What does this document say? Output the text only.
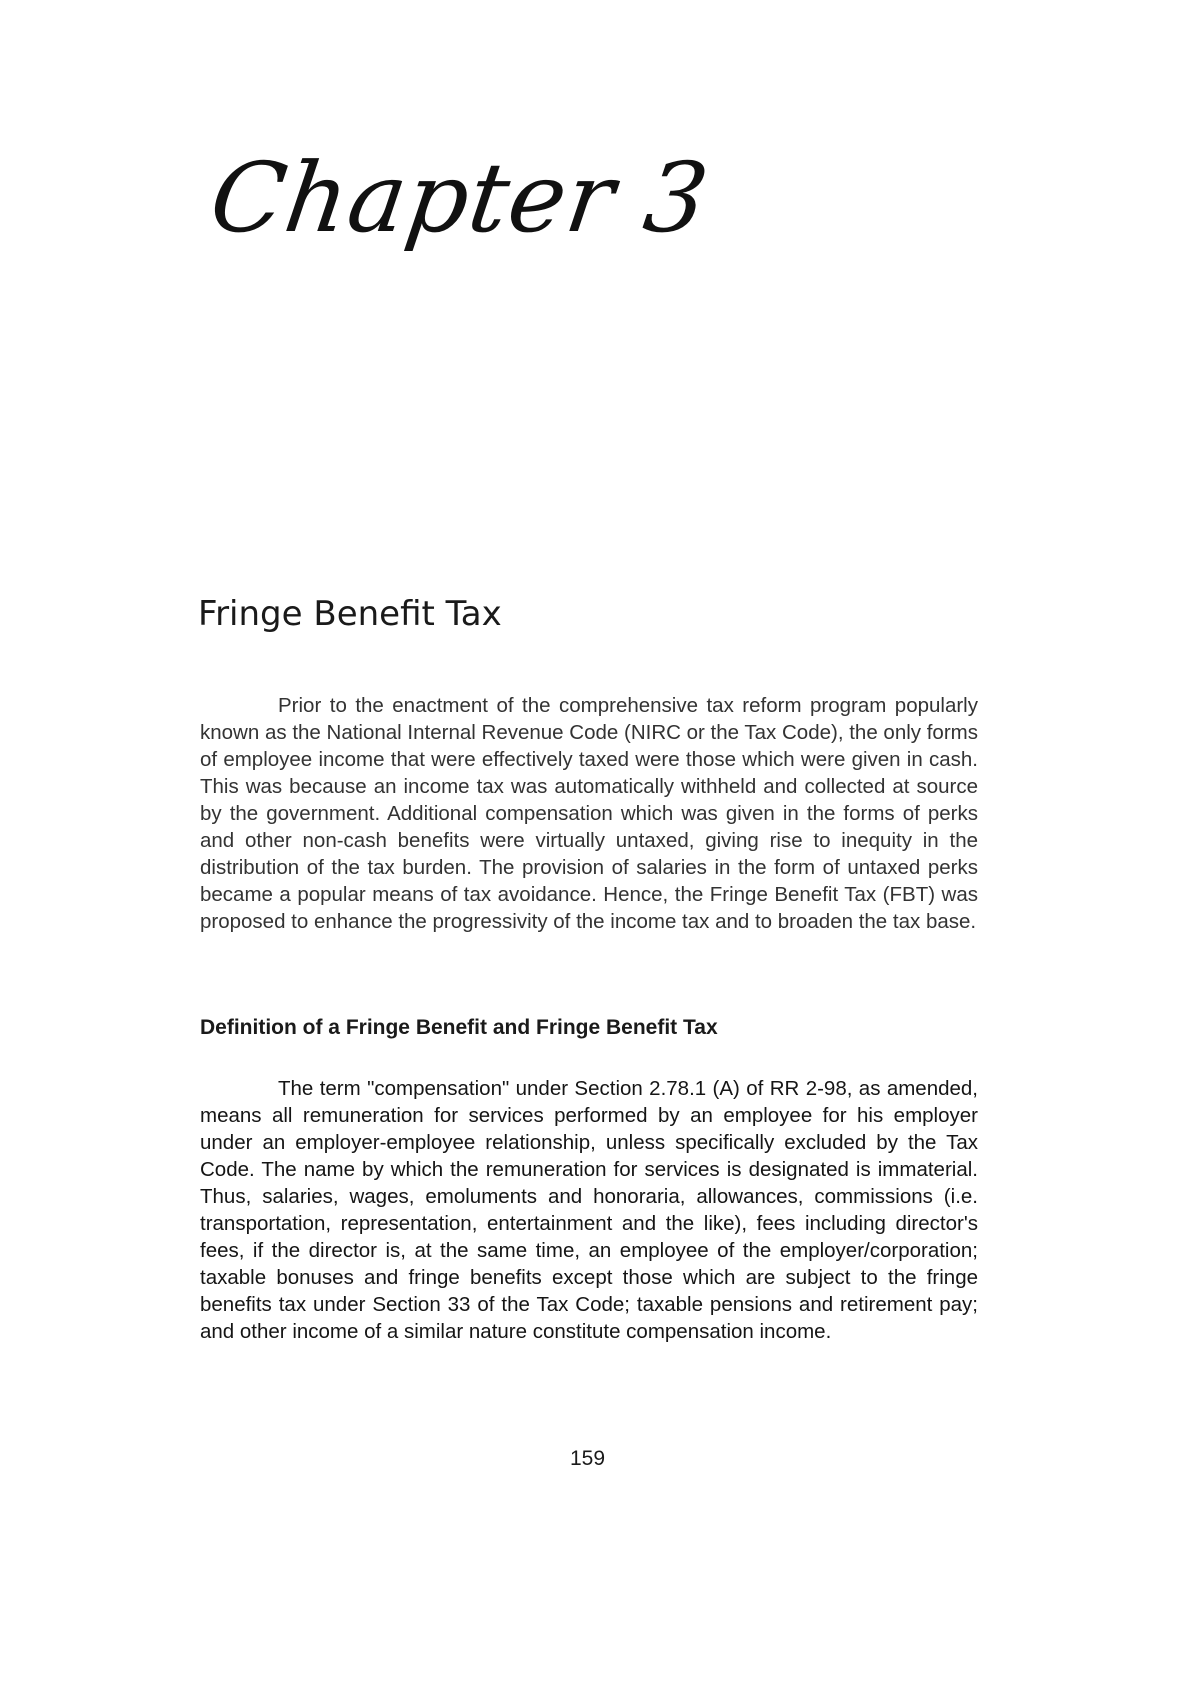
Chapter 3
Fringe Benefit Tax

Prior to the enactment of the comprehensive tax reform program popularly known as the National Internal Revenue Code (NIRC or the Tax Code), the only forms of employee income that were effectively taxed were those which were given in cash. This was because an income tax was automatically withheld and collected at source by the government. Additional compensation which was given in the forms of perks and other non-cash benefits were virtually untaxed, giving rise to inequity in the distribution of the tax burden. The provision of salaries in the form of untaxed perks became a popular means of tax avoidance. Hence, the Fringe Benefit Tax (FBT) was proposed to enhance the progressivity of the income tax and to broaden the tax base.

Definition of a Fringe Benefit and Fringe Benefit Tax

The term "compensation" under Section 2.78.1 (A) of RR 2-98, as amended, means all remuneration for services performed by an employee for his employer under an employer-employee relationship, unless specifically excluded by the Tax Code. The name by which the remuneration for services is designated is immaterial. Thus, salaries, wages, emoluments and honoraria, allowances, commissions (i.e. transportation, representation, entertainment and the like), fees including director's fees, if the director is, at the same time, an employee of the employer/corporation; taxable bonuses and fringe benefits except those which are subject to the fringe benefits tax under Section 33 of the Tax Code; taxable pensions and retirement pay; and other income of a similar nature constitute compensation income.

159
